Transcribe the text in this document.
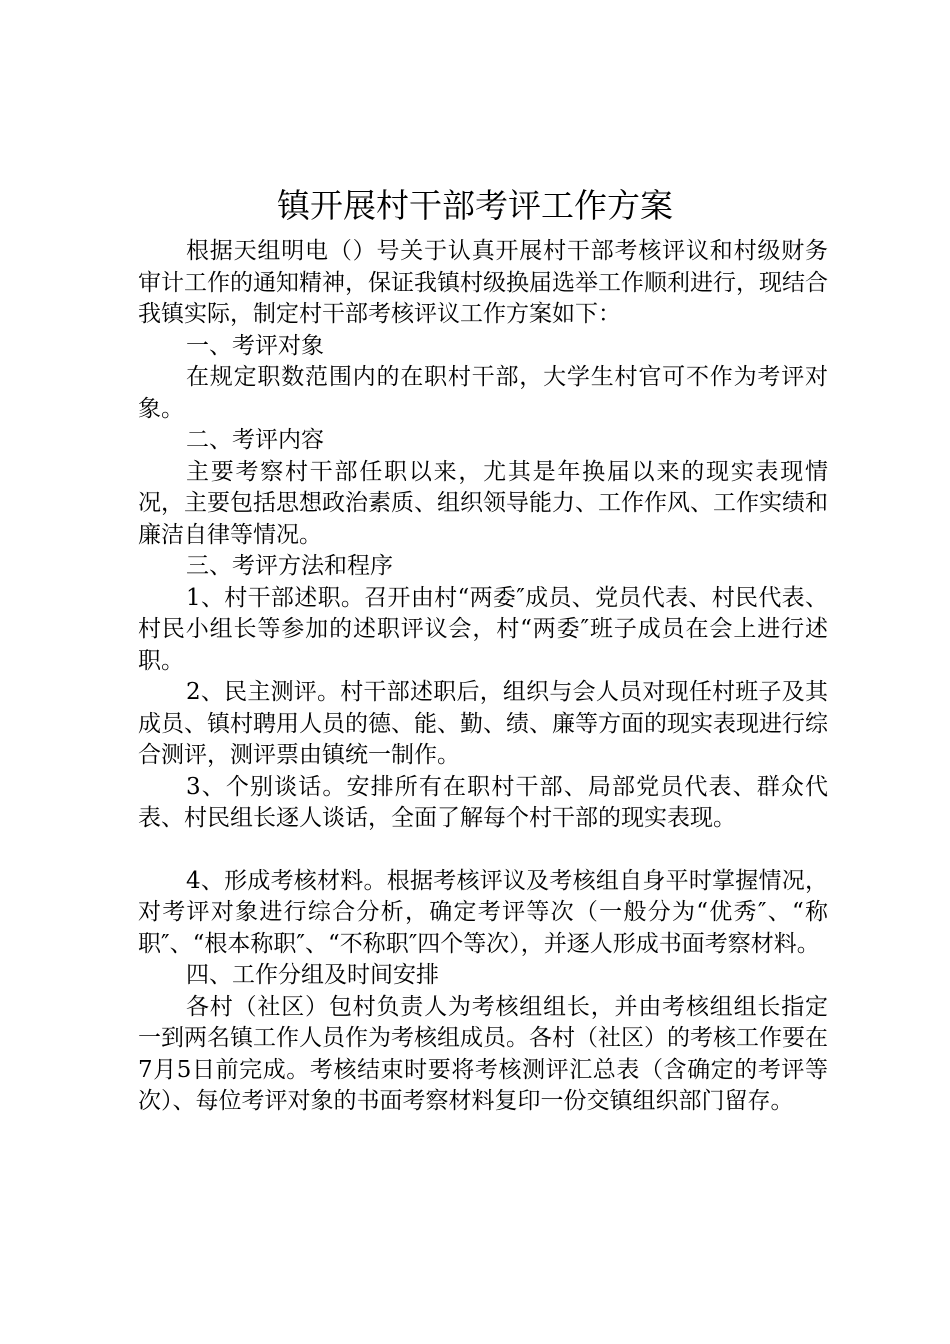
镇开展村干部考评工作方案

根据天组明电（）号关于认真开展村干部考核评议和村级财务审计工作的通知精神，保证我镇村级换届选举工作顺利进行，现结合我镇实际，制定村干部考核评议工作方案如下：

一、考评对象

在规定职数范围内的在职村干部，大学生村官可不作为考评对象。

二、考评内容

主要考察村干部任职以来，尤其是年换届以来的现实表现情况，主要包括思想政治素质、组织领导能力、工作作风、工作实绩和廉洁自律等情况。

三、考评方法和程序

1、村干部述职。召开由村“两委″成员、党员代表、村民代表、村民小组长等参加的述职评议会，村“两委″班子成员在会上进行述职。

2、民主测评。村干部述职后，组织与会人员对现任村班子及其成员、镇村聘用人员的德、能、勤、绩、廉等方面的现实表现进行综合测评，测评票由镇统一制作。

3、个别谈话。安排所有在职村干部、局部党员代表、群众代表、村民组长逐人谈话，全面了解每个村干部的现实表现。

4、形成考核材料。根据考核评议及考核组自身平时掌握情况，对考评对象进行综合分析，确定考评等次（一般分为“优秀″、“称职″、“根本称职″、“不称职″四个等次），并逐人形成书面考察材料。

四、工作分组及时间安排

各村（社区）包村负责人为考核组组长，并由考核组组长指定一到两名镇工作人员作为考核组成员。各村（社区）的考核工作要在7月5日前完成。考核结束时要将考核测评汇总表（含确定的考评等次）、每位考评对象的书面考察材料复印一份交镇组织部门留存。
